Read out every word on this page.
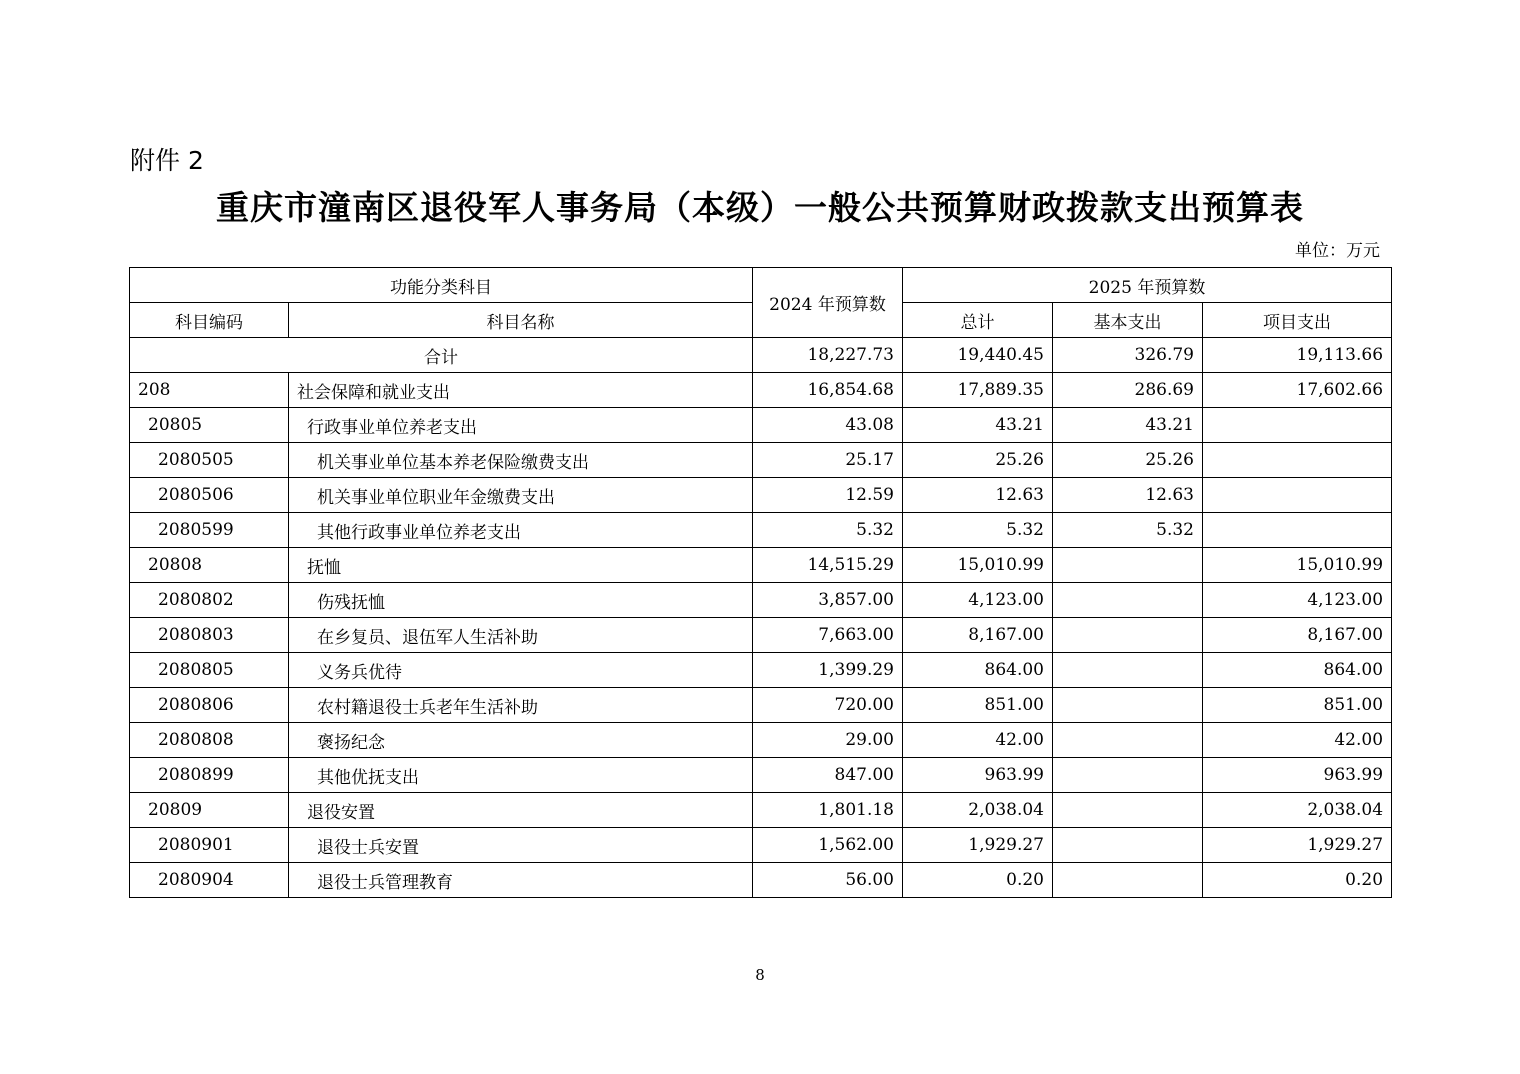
附件 2
重庆市潼南区退役军人事务局（本级）一般公共预算财政拨款支出预算表
单位：万元
功能分类科目		2024 年预算数	2025 年预算数		
科目编码	科目名称		总计	基本支出	项目支出
合计		18,227.73	19,440.45	326.79	19,113.66
208	社会保障和就业支出	16,854.68	17,889.35	286.69	17,602.66
20805	行政事业单位养老支出	43.08	43.21	43.21	
2080505	机关事业单位基本养老保险缴费支出	25.17	25.26	25.26	
2080506	机关事业单位职业年金缴费支出	12.59	12.63	12.63	
2080599	其他行政事业单位养老支出	5.32	5.32	5.32	
20808	抚恤	14,515.29	15,010.99		15,010.99
2080802	伤残抚恤	3,857.00	4,123.00		4,123.00
2080803	在乡复员、退伍军人生活补助	7,663.00	8,167.00		8,167.00
2080805	义务兵优待	1,399.29	864.00		864.00
2080806	农村籍退役士兵老年生活补助	720.00	851.00		851.00
2080808	褒扬纪念	29.00	42.00		42.00
2080899	其他优抚支出	847.00	963.99		963.99
20809	退役安置	1,801.18	2,038.04		2,038.04
2080901	退役士兵安置	1,562.00	1,929.27		1,929.27
2080904	退役士兵管理教育	56.00	0.20		0.20
8
